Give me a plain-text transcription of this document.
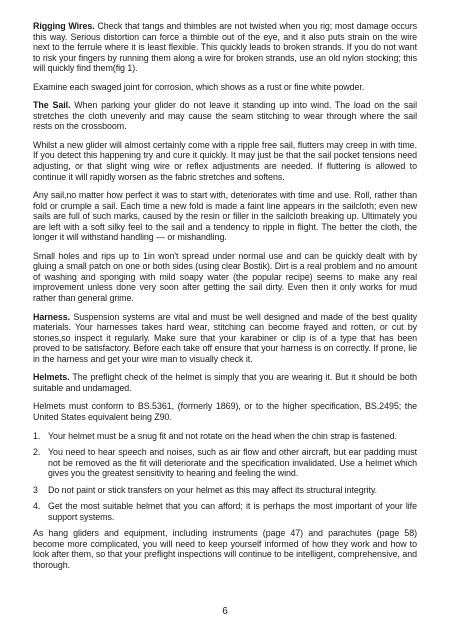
Rigging Wires. Check that tangs and thimbles are not twisted when you rig; most damage occurs this way. Serious distortion can force a thimble out of the eye, and it also puts strain on the wire next to the ferrule where it is least flexible. This quickly leads to broken strands. If you do not want to risk your fingers by running them along a wire for broken strands, use an old nylon stocking; this will quickly find them(fig 1).

Examine each swaged joint for corrosion, which shows as a rust or fine white powder.

The Sail. When parking your glider do not leave it standing up into wind. The load on the sail stretches the cloth unevenly and may cause the seam stitching to wear through where the sail rests on the crossboom.

Whilst a new glider will almost certainly come with a ripple free sail, flutters may creep in with time. If you detect this happening try and cure it quickly. It may just be that the sail pocket tensions need adjusting, or that slight wing wire or reflex adjustments are needed. If fluttering is allowed to continue it will rapidly worsen as the fabric stretches and softens.

Any sail,no matter how perfect it was to start with, deteriorates with time and use. Roll, rather than fold or crumple a sail. Each time a new fold is made a faint line appears in the sailcloth; even new sails are full of such marks, caused by the resin or filler in the sailcloth breaking up. Ultimately you are left with a soft silky feel to the sail and a tendency to ripple in flight. The better the cloth, the longer it will withstand handling — or mishandling.

Small holes and rips up to 1in won't spread under normal use and can be quickly dealt with by gluing a small patch on one or both sides (using clear Bostik). Dirt is a real problem and no amount of washing and sponging with mild soapy water (the popular recipe) seems to make any real improvement unless done very soon after getting the sail dirty. Even then it only works for mud rather than general grime.

Harness. Suspension systems are vital and must be well designed and made of the best quality materials. Your harnesses takes hard wear, stitching can become frayed and rotten, or cut by stones,so inspect it regularly. Make sure that your karabiner or clip is of a type that has been proved to be satisfactory. Before each take off ensure that your harness is on correctly. If prone, lie in the harness and get your wire man to visually check it.

Helmets. The preflight check of the helmet is simply that you are wearing it. But it should be both suitable and undamaged.

Helmets must conform to BS.5361, (formerly 1869), or to the higher specification, BS.2495; the United States equivalent being Z90.

1. Your helmet must be a snug fit and not rotate on the head when the chin strap is fastened.
2. You need to hear speech and noises, such as air flow and other aircraft, but ear padding must not be removed as the fit will deteriorate and the specification invalidated. Use a helmet which gives you the greatest sensitivity to hearing and feeling the wind.
3 Do not paint or stick transfers on your helmet as this may affect its structural integrity.
4. Get the most suitable helmet that you can afford; it is perhaps the most important of your life support systems.

As hang gliders and equipment, including instruments (page 47) and parachutes (page 58) become more complicated, you will need to keep yourself informed of how they work and how to look after them, so that your preflight inspections will continue to be intelligent, comprehensive, and thorough.

6
